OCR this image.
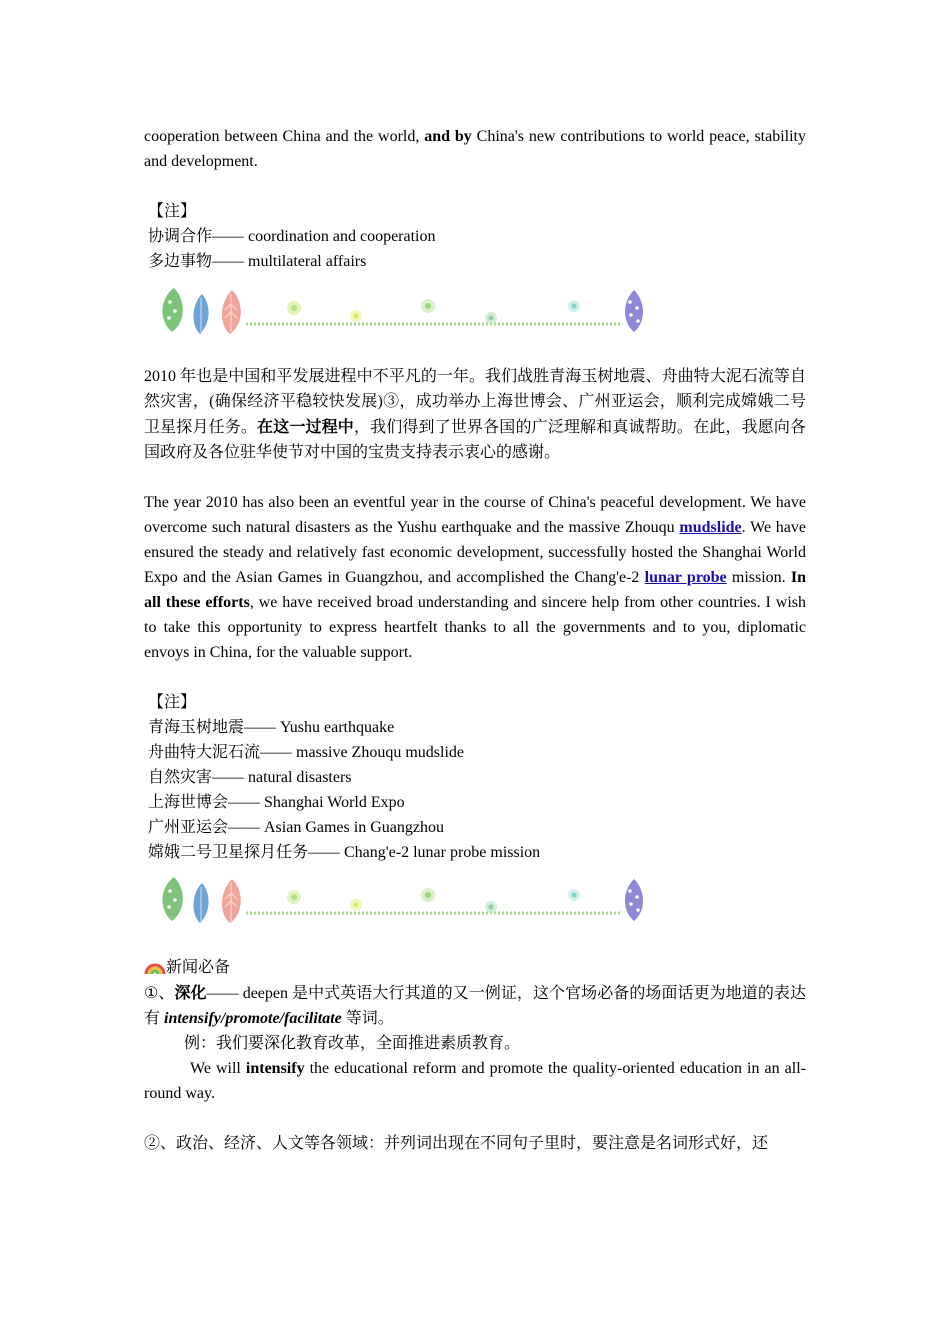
cooperation between China and the world, and by China's new contributions to world peace, stability and development.

【注】

协调合作—— coordination and cooperation

多边事物—— multilateral affairs

2010 年也是中国和平发展进程中不平凡的一年。我们战胜青海玉树地震、舟曲特大泥石流等自然灾害，(确保经济平稳较快发展)③，成功举办上海世博会、广州亚运会，顺利完成嫦娥二号卫星探月任务。在这一过程中，我们得到了世界各国的广泛理解和真诚帮助。在此，我愿向各国政府及各位驻华使节对中国的宝贵支持表示衷心的感谢。

The year 2010 has also been an eventful year in the course of China's peaceful development. We have overcome such natural disasters as the Yushu earthquake and the massive Zhouqu mudslide. We have ensured the steady and relatively fast economic development, successfully hosted the Shanghai World Expo and the Asian Games in Guangzhou, and accomplished the Chang'e-2 lunar probe mission. In all these efforts, we have received broad understanding and sincere help from other countries. I wish to take this opportunity to express heartfelt thanks to all the governments and to you, diplomatic envoys in China, for the valuable support.

【注】

青海玉树地震—— Yushu earthquake

舟曲特大泥石流—— massive Zhouqu mudslide

自然灾害—— natural disasters

上海世博会—— Shanghai World Expo

广州亚运会—— Asian Games in Guangzhou

嫦娥二号卫星探月任务—— Chang'e-2 lunar probe mission

新闻必备

①、深化—— deepen 是中式英语大行其道的又一例证，这个官场必备的场面话更为地道的表达有 intensify/promote/facilitate 等词。

例：我们要深化教育改革，全面推进素质教育。

We will intensify the educational reform and promote the quality-oriented education in an all-round way.

②、政治、经济、人文等各领域：并列词出现在不同句子里时，要注意是名词形式好，还
